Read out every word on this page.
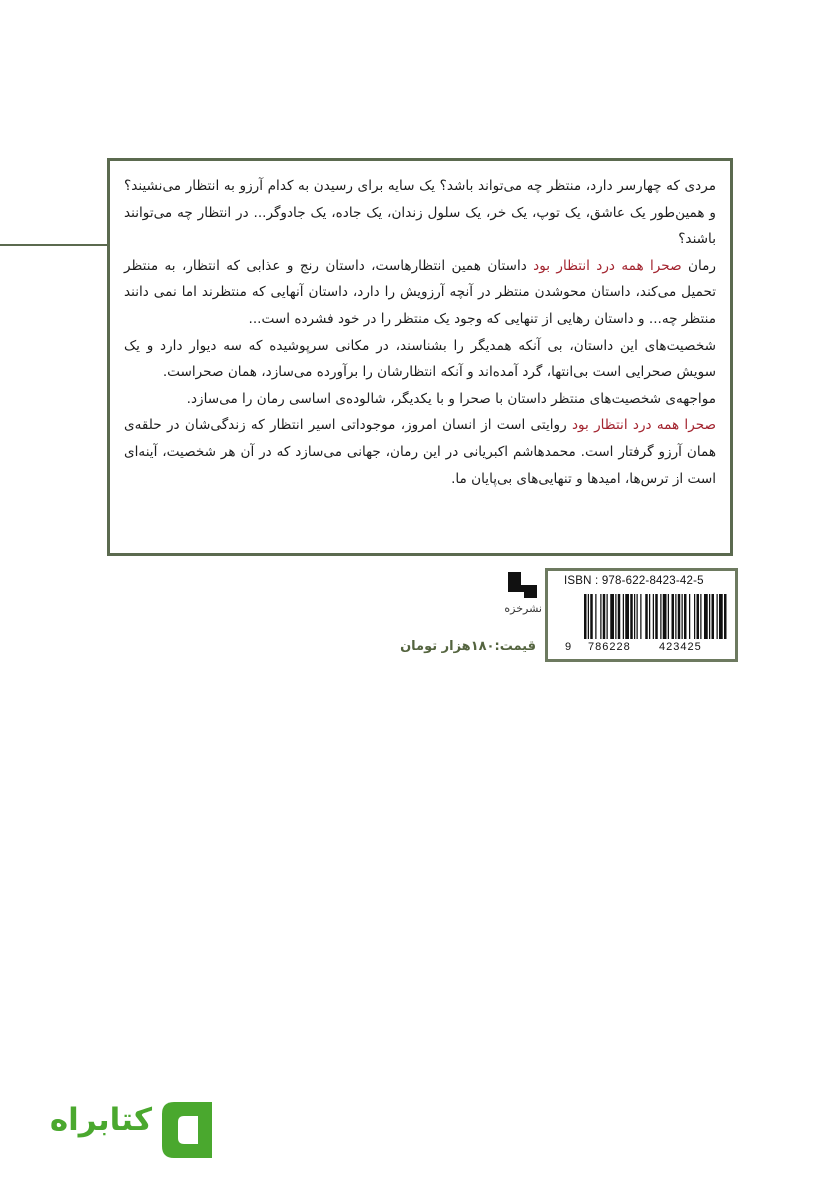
مردی که چهارسر دارد، منتظر چه می‌تواند باشد؟ یک سایه برای رسیدن به کدام آرزو به انتظار می‌نشیند؟ و همین‌طور یک عاشق، یک توپ، یک خر، یک سلول زندان، یک جاده، یک جادوگر... در انتظار چه می‌توانند باشند؟

رمان صحرا همه درد انتظار بود داستان همین انتظارهاست، داستان رنج و عذابی که انتظار، به منتظر تحمیل می‌کند، داستان محوشدن منتظر در آنچه آرزویش را دارد، داستان آنهایی که منتظرند اما نمی دانند منتظر چه... و داستان رهایی از تنهایی که وجود یک منتظر را در خود فشرده است...

شخصیت‌های این داستان، بی آنکه همدیگر را بشناسند، در مکانی سرپوشیده که سه دیوار دارد و یک سویش صحرایی است بی‌انتها، گرد آمده‌اند و آنکه انتظارشان را برآورده می‌سازد، همان صحراست.

مواجهه‌ی شخصیت‌های منتظر داستان با صحرا و با یکدیگر، شالوده‌ی اساسی رمان را می‌سازد.

صحرا همه درد انتظار بود روایتی است از انسان امروز، موجوداتی اسیر انتظار که زندگی‌شان در حلقه‌ی همان آرزو گرفتار است. محمدهاشم اکبریانی در این رمان، جهانی می‌سازد که در آن هر شخصیت، آینه‌ای است از ترس‌ها، امیدها و تنهایی‌های بی‌پایان ما.

ISBN : 978-622-8423-42-5
9 786228	423425
نشرخزه
قیمت:۱۸۰هزار تومان
کتابراه
